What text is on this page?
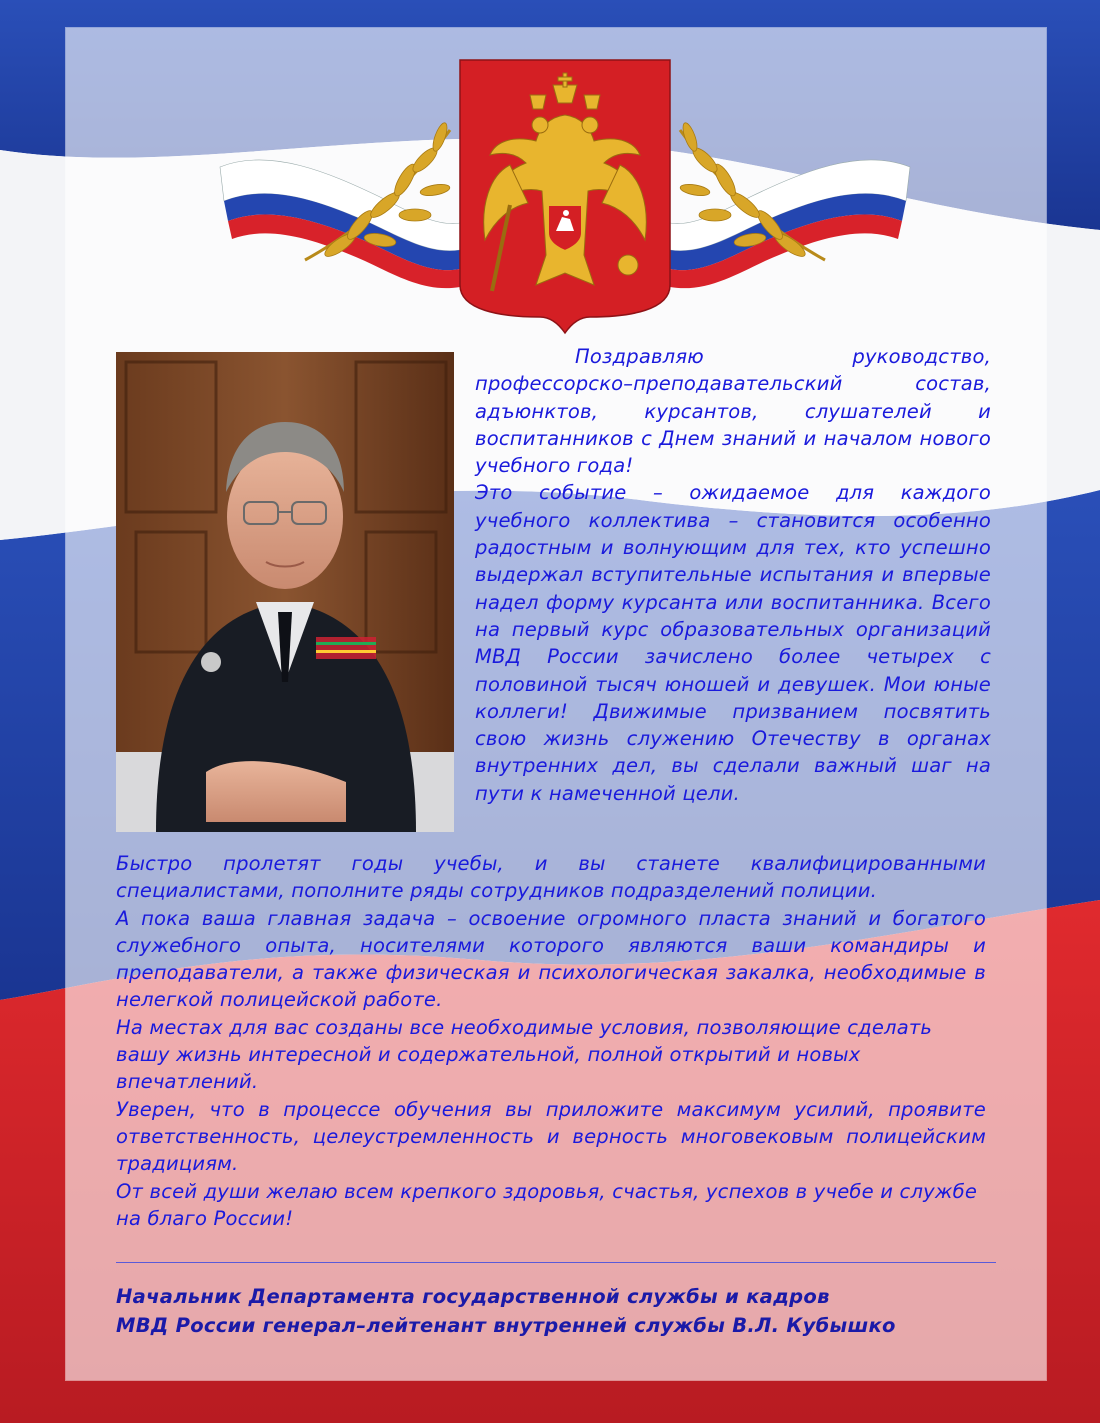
Поздравляю руководство, профессорско–преподавательский состав, адъюнктов, курсантов, слушателей и воспитанников с Днем знаний и началом нового учебного года!

Это событие – ожидаемое для каждого учебного коллектива – становится особенно радостным и волнующим для тех, кто успешно выдержал вступительные испытания и впервые надел форму курсанта или воспитанника. Всего на первый курс образовательных организаций МВД России зачислено более четырех с половиной тысяч юношей и девушек. Мои юные коллеги! Движимые призванием посвятить свою жизнь служению Отечеству в органах внутренних дел, вы сделали важный шаг на пути к намеченной цели.

Быстро пролетят годы учебы, и вы станете квалифицированными специалистами, пополните ряды сотрудников подразделений полиции.

А пока ваша главная задача – освоение огромного пласта знаний и богатого служебного опыта, носителями которого являются ваши командиры и преподаватели, а также физическая и психологическая закалка, необходимые в нелегкой полицейской работе.

На местах для вас созданы все необходимые условия, позволяющие сделать вашу жизнь интересной и содержательной, полной открытий и новых впечатлений.

Уверен, что в процессе обучения вы приложите максимум усилий, проявите ответственность, целеустремленность и верность многовековым полицейским традициям.

От всей души желаю всем крепкого здоровья, счастья, успехов в учебе и службе на благо России!

Начальник Департамента государственной службы и кадров
МВД России генерал–лейтенант внутренней службы В.Л. Кубышко
